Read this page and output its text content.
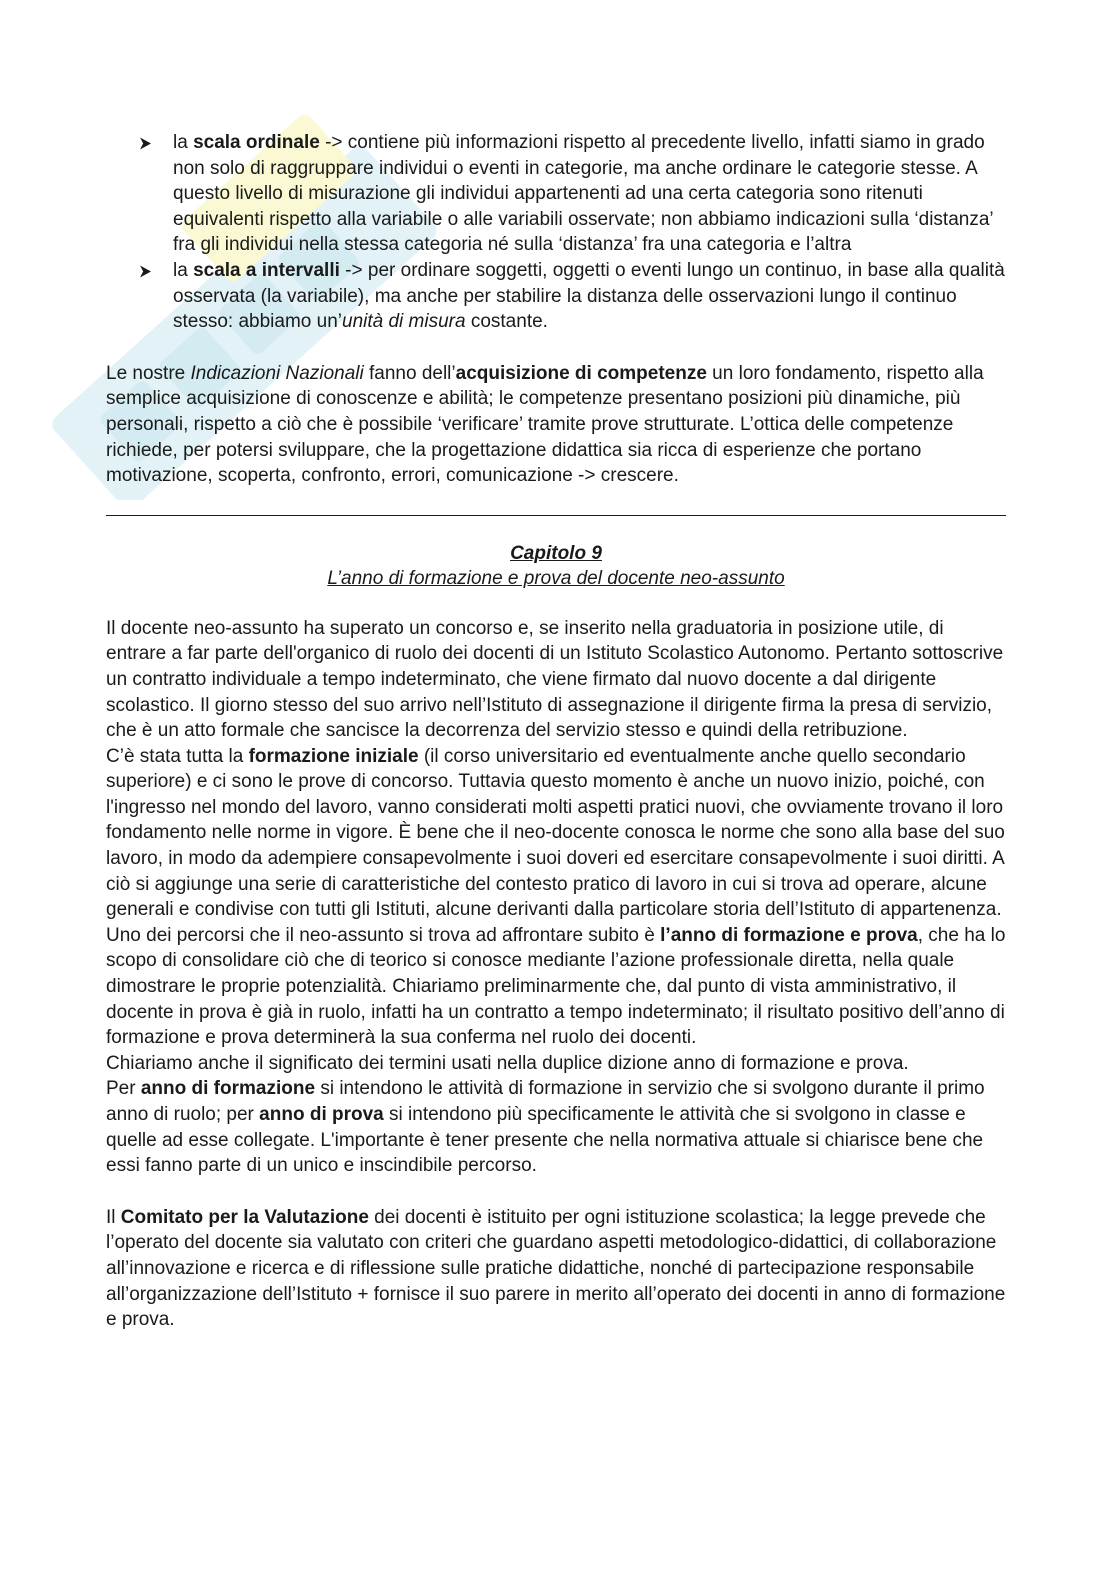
la scala ordinale -> contiene più informazioni rispetto al precedente livello, infatti siamo in grado non solo di raggruppare individui o eventi in categorie, ma anche ordinare le categorie stesse. A questo livello di misurazione gli individui appartenenti ad una certa categoria sono ritenuti equivalenti rispetto alla variabile o alle variabili osservate; non abbiamo indicazioni sulla ‘distanza’ fra gli individui nella stessa categoria né sulla ‘distanza’ fra una categoria e l’altra
la scala a intervalli -> per ordinare soggetti, oggetti o eventi lungo un continuo, in base alla qualità osservata (la variabile), ma anche per stabilire la distanza delle osservazioni lungo il continuo stesso: abbiamo un’unità di misura costante.

Le nostre Indicazioni Nazionali fanno dell’acquisizione di competenze un loro fondamento, rispetto alla semplice acquisizione di conoscenze e abilità; le competenze presentano posizioni più dinamiche, più personali, rispetto a ciò che è possibile ‘verificare’ tramite prove strutturate. L’ottica delle competenze richiede, per potersi sviluppare, che la progettazione didattica sia ricca di esperienze che portano motivazione, scoperta, confronto, errori, comunicazione -> crescere.

Capitolo 9
L’anno di formazione e prova del docente neo-assunto

Il docente neo-assunto ha superato un concorso e, se inserito nella graduatoria in posizione utile, di entrare a far parte dell'organico di ruolo dei docenti di un Istituto Scolastico Autonomo. Pertanto sottoscrive un contratto individuale a tempo indeterminato, che viene firmato dal nuovo docente a dal dirigente scolastico. Il giorno stesso del suo arrivo nell’Istituto di assegnazione il dirigente firma la presa di servizio, che è un atto formale che sancisce la decorrenza del servizio stesso e quindi della retribuzione.

C’è stata tutta la formazione iniziale (il corso universitario ed eventualmente anche quello secondario superiore) e ci sono le prove di concorso. Tuttavia questo momento è anche un nuovo inizio, poiché, con l'ingresso nel mondo del lavoro, vanno considerati molti aspetti pratici nuovi, che ovviamente trovano il loro fondamento nelle norme in vigore. È bene che il neo-docente conosca le norme che sono alla base del suo lavoro, in modo da adempiere consapevolmente i suoi doveri ed esercitare consapevolmente i suoi diritti. A ciò si aggiunge una serie di caratteristiche del contesto pratico di lavoro in cui si trova ad operare, alcune generali e condivise con tutti gli Istituti, alcune derivanti dalla particolare storia dell’Istituto di appartenenza.

Uno dei percorsi che il neo-assunto si trova ad affrontare subito è l’anno di formazione e prova, che ha lo scopo di consolidare ciò che di teorico si conosce mediante l’azione professionale diretta, nella quale dimostrare le proprie potenzialità. Chiariamo preliminarmente che, dal punto di vista amministrativo, il docente in prova è già in ruolo, infatti ha un contratto a tempo indeterminato; il risultato positivo dell’anno di formazione e prova determinerà la sua conferma nel ruolo dei docenti.

Chiariamo anche il significato dei termini usati nella duplice dizione anno di formazione e prova.

Per anno di formazione si intendono le attività di formazione in servizio che si svolgono durante il primo anno di ruolo; per anno di prova si intendono più specificamente le attività che si svolgono in classe e quelle ad esse collegate. L'importante è tener presente che nella normativa attuale si chiarisce bene che essi fanno parte di un unico e inscindibile percorso.

Il Comitato per la Valutazione dei docenti è istituito per ogni istituzione scolastica; la legge prevede che l’operato del docente sia valutato con criteri che guardano aspetti metodologico-didattici, di collaborazione all’innovazione e ricerca e di riflessione sulle pratiche didattiche, nonché di partecipazione responsabile all’organizzazione dell’Istituto + fornisce il suo parere in merito all’operato dei docenti in anno di formazione e prova.
